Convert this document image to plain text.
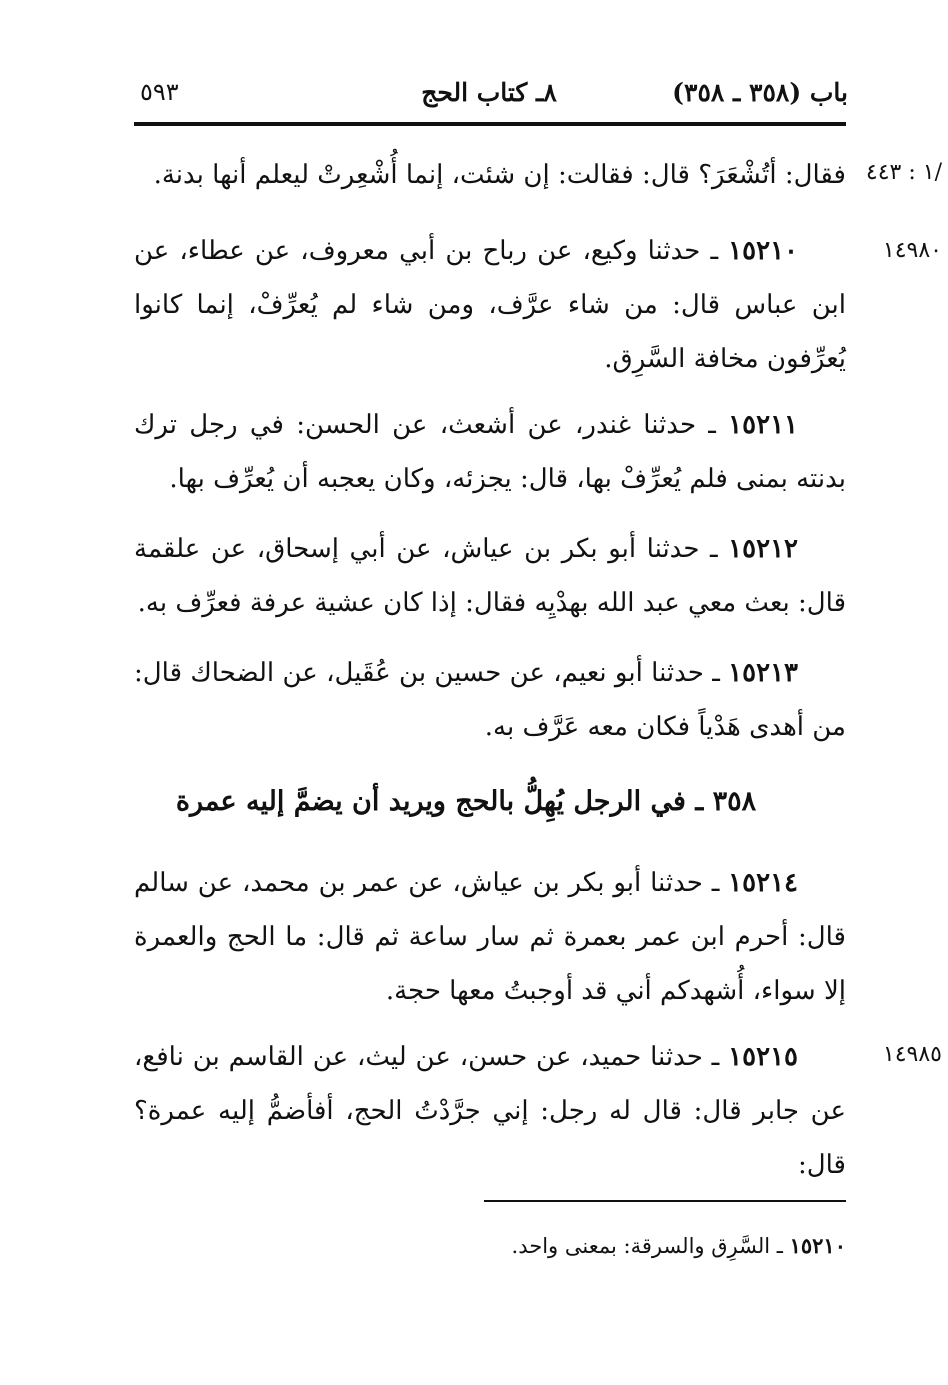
باب (٣٥٨ ـ ٣٥٨)
٨ـ كتاب الحج
٥٩٣
/١ : ٤٤٣
١٤٩٨٠
١٤٩٨٥
فقال: أتُشْعَرَ؟ قال: فقالت: إن شئت، إنما أُشْعِرتْ ليعلم أنها بدنة.
١٥٢١٠ ـ حدثنا وكيع، عن رباح بن أبي معروف، عن عطاء، عن ابن عباس قال: من شاء عرَّف، ومن شاء لم يُعرِّفْ، إنما كانوا يُعرِّفون مخافة السَّرِق.
١٥٢١١ ـ حدثنا غندر، عن أشعث، عن الحسن: في رجل ترك بدنته بمنى فلم يُعرِّفْ بها، قال: يجزئه، وكان يعجبه أن يُعرِّف بها.
١٥٢١٢ ـ حدثنا أبو بكر بن عياش، عن أبي إسحاق، عن علقمة قال: بعث معي عبد الله بهدْيِه فقال: إذا كان عشية عرفة فعرِّف به.
١٥٢١٣ ـ حدثنا أبو نعيم، عن حسين بن عُقَيل، عن الضحاك قال: من أهدى هَدْياً فكان معه عَرَّف به.
٣٥٨ ـ في الرجل يُهِلُّ بالحج ويريد أن يضمَّ إليه عمرة
١٥٢١٤ ـ حدثنا أبو بكر بن عياش، عن عمر بن محمد، عن سالم قال: أحرم ابن عمر بعمرة ثم سار ساعة ثم قال: ما الحج والعمرة إلا سواء، أُشهدكم أني قد أوجبتُ معها حجة.
١٥٢١٥ ـ حدثنا حميد، عن حسن، عن ليث، عن القاسم بن نافع، عن جابر قال: قال له رجل: إني جرَّدْتُ الحج، أفأضمُّ إليه عمرة؟ قال:
١٥٢١٠ ـ السَّرِق والسرقة: بمعنى واحد.
